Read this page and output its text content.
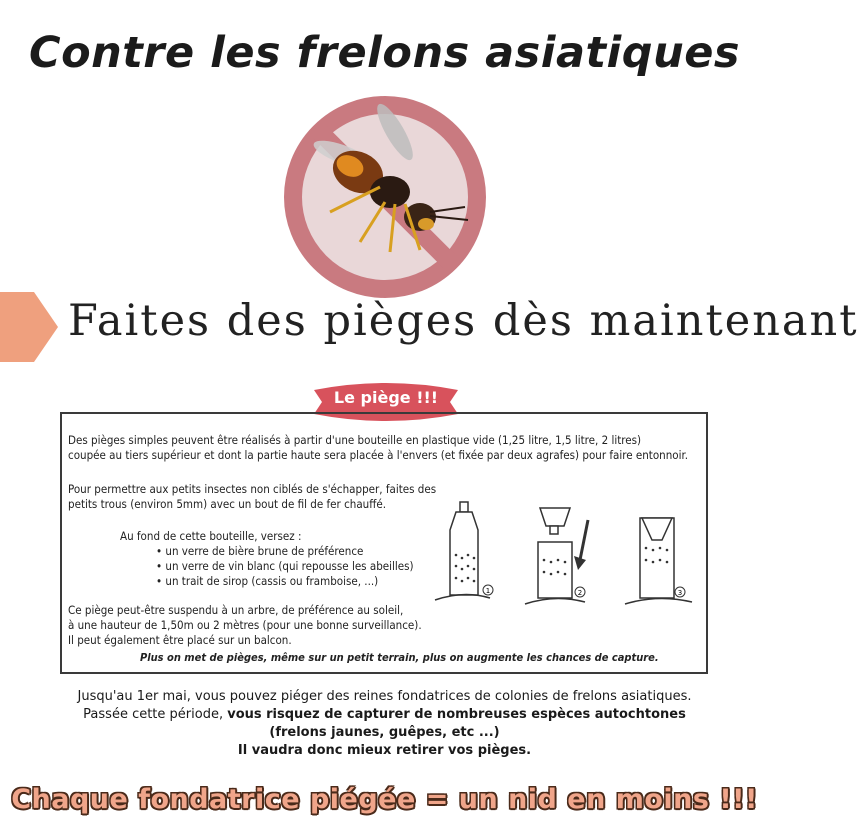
Contre les frelons asiatiques
Faites des pièges dès maintenant
Le piège !!!
Des pièges simples peuvent être réalisés à partir d'une bouteille en plastique vide (1,25 litre, 1,5 litre, 2 litres)
coupée au tiers supérieur et dont la partie haute sera placée à l'envers (et fixée par deux agrafes) pour faire entonnoir.
Pour permettre aux petits insectes non ciblés de s'échapper, faites des
petits trous (environ 5mm) avec un bout de fil de fer chauffé.
Au fond de cette bouteille, versez :
• un verre de bière brune de préférence
• un verre de vin blanc (qui repousse les abeilles)
• un trait de sirop (cassis ou framboise, ...)
Ce piège peut-être suspendu à un arbre, de préférence au soleil,
à une hauteur de 1,50m ou 2 mètres (pour une bonne surveillance).
Il peut également être placé sur un balcon.
Plus on met de pièges, même sur un petit terrain, plus on augmente les chances de capture.
1	2	3
Jusqu'au 1er mai, vous pouvez piéger des reines fondatrices de colonies de frelons asiatiques.
Passée cette période, vous risquez de capturer de nombreuses espèces autochtones
(frelons jaunes, guêpes, etc ...)
Il vaudra donc mieux retirer vos pièges.
Chaque fondatrice piégée = un nid en moins !!!
